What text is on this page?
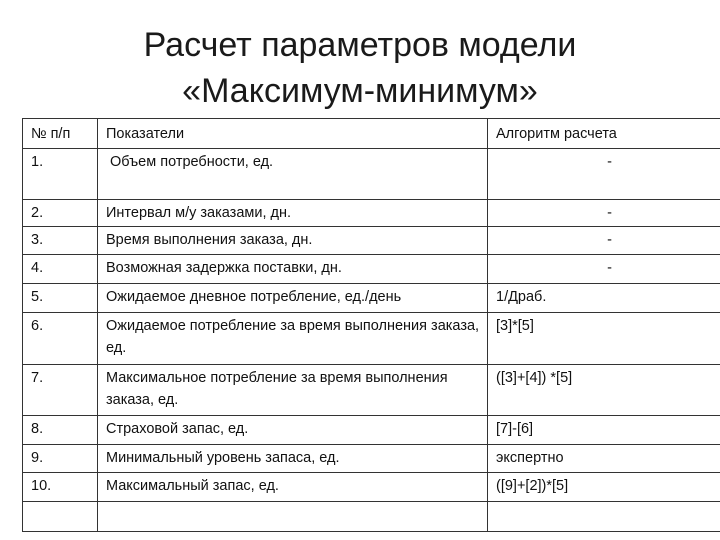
Расчет параметров модели
«Максимум-минимум»
№ п/п	Показатели	Алгоритм расчета
1.	Объем потребности, ед.	-
2.	Интервал м/у заказами, дн.	-
3.	Время выполнения заказа, дн.	-
4.	Возможная задержка поставки, дн.	-
5.	Ожидаемое дневное потребление, ед./день	1/Драб.
6.	Ожидаемое потребление за время выполнения заказа, ед.	[3]*[5]
7.	Максимальное потребление за время выполнения заказа, ед.	([3]+[4]) *[5]
8.	Страховой запас, ед.	[7]-[6]
9.	Минимальный уровень запаса, ед.	экспертно
10.	Максимальный запас, ед.	([9]+[2])*[5]
